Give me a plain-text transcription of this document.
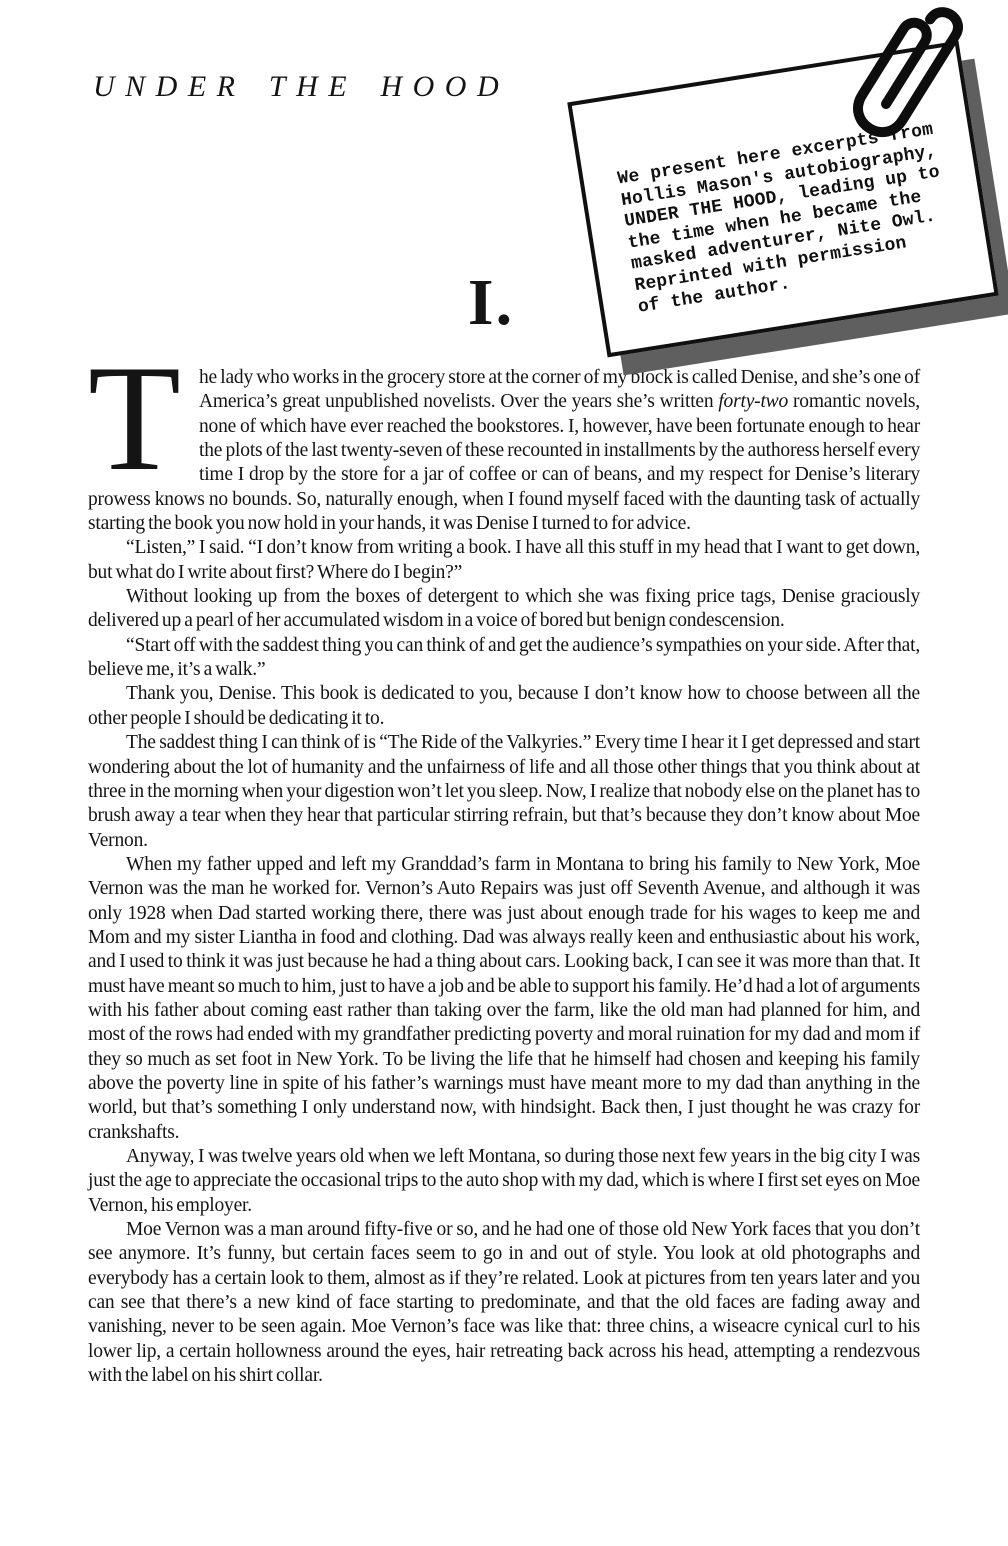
UNDER THE HOOD
We present here excerpts from
Hollis Mason's autobiography,
UNDER THE HOOD, leading up to
the time when he became the
masked adventurer, Nite Owl.
Reprinted with permission
of the author.
I.

The lady who works in the grocery store at the corner of my block is called Denise, and she’s one of America’s great unpublished novelists. Over the years she’s written forty-two romantic novels, none of which have ever reached the bookstores. I, however, have been fortunate enough to hear the plots of the last twenty-seven of these recounted in installments by the authoress herself every time I drop by the store for a jar of coffee or can of beans, and my respect for Denise’s literary prowess knows no bounds. So, naturally enough, when I found myself faced with the daunting task of actually starting the book you now hold in your hands, it was Denise I turned to for advice.

“Listen,” I said. “I don’t know from writing a book. I have all this stuff in my head that I want to get down, but what do I write about first? Where do I begin?”

Without looking up from the boxes of detergent to which she was fixing price tags, Denise graciously delivered up a pearl of her accumulated wisdom in a voice of bored but benign condescension.

“Start off with the saddest thing you can think of and get the audience’s sympathies on your side. After that, believe me, it’s a walk.”

Thank you, Denise. This book is dedicated to you, because I don’t know how to choose between all the other people I should be dedicating it to.

The saddest thing I can think of is “The Ride of the Valkyries.” Every time I hear it I get depressed and start wondering about the lot of humanity and the unfairness of life and all those other things that you think about at three in the morning when your digestion won’t let you sleep. Now, I realize that nobody else on the planet has to brush away a tear when they hear that particular stirring refrain, but that’s because they don’t know about Moe Vernon.

When my father upped and left my Granddad’s farm in Montana to bring his family to New York, Moe Vernon was the man he worked for. Vernon’s Auto Repairs was just off Seventh Avenue, and although it was only 1928 when Dad started working there, there was just about enough trade for his wages to keep me and Mom and my sister Liantha in food and clothing. Dad was always really keen and enthusiastic about his work, and I used to think it was just because he had a thing about cars. Looking back, I can see it was more than that. It must have meant so much to him, just to have a job and be able to support his family. He’d had a lot of arguments with his father about coming east rather than taking over the farm, like the old man had planned for him, and most of the rows had ended with my grandfather predicting poverty and moral ruination for my dad and mom if they so much as set foot in New York. To be living the life that he himself had chosen and keeping his family above the poverty line in spite of his father’s warnings must have meant more to my dad than anything in the world, but that’s something I only understand now, with hindsight. Back then, I just thought he was crazy for crankshafts.

Anyway, I was twelve years old when we left Montana, so during those next few years in the big city I was just the age to appreciate the occasional trips to the auto shop with my dad, which is where I first set eyes on Moe Vernon, his employer.

Moe Vernon was a man around fifty-five or so, and he had one of those old New York faces that you don’t see anymore. It’s funny, but certain faces seem to go in and out of style. You look at old photographs and everybody has a certain look to them, almost as if they’re related. Look at pictures from ten years later and you can see that there’s a new kind of face starting to predominate, and that the old faces are fading away and vanishing, never to be seen again. Moe Vernon’s face was like that: three chins, a wiseacre cynical curl to his lower lip, a certain hollowness around the eyes, hair retreating back across his head, attempting a rendezvous with the label on his shirt collar.
